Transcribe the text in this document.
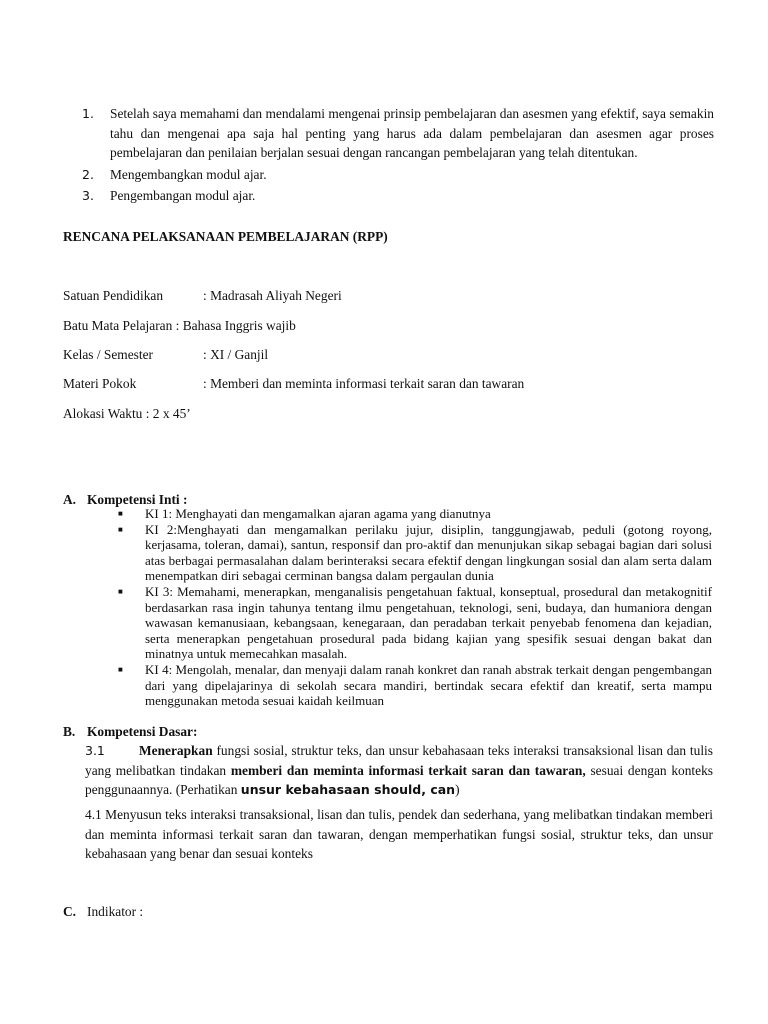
1.	Setelah saya memahami dan mendalami mengenai prinsip pembelajaran dan asesmen yang efektif, saya semakin tahu dan mengenai apa saja hal penting yang harus ada dalam pembelajaran dan asesmen agar proses pembelajaran dan penilaian berjalan sesuai dengan rancangan pembelajaran yang telah ditentukan.
2.	Mengembangkan modul ajar.
3.	Pengembangan modul ajar.
RENCANA PELAKSANAAN PEMBELAJARAN (RPP)
Satuan Pendidikan	: Madrasah Aliyah Negeri
Batu Mata Pelajaran : Bahasa Inggris wajib
Kelas / Semester	: XI / Ganjil
Materi Pokok	: Memberi dan meminta informasi terkait saran dan tawaran
Alokasi Waktu : 2 x 45’
A. Kompetensi Inti :
■	KI 1: Menghayati dan mengamalkan ajaran agama yang dianutnya
■	KI 2:Menghayati dan mengamalkan perilaku jujur, disiplin, tanggungjawab, peduli (gotong royong, kerjasama, toleran, damai), santun, responsif dan pro-aktif dan menunjukan sikap sebagai bagian dari solusi atas berbagai permasalahan dalam berinteraksi secara efektif dengan lingkungan sosial dan alam serta dalam menempatkan diri sebagai cerminan bangsa dalam pergaulan dunia
■	KI 3: Memahami, menerapkan, menganalisis pengetahuan faktual, konseptual, prosedural dan metakognitif berdasarkan rasa ingin tahunya tentang ilmu pengetahuan, teknologi, seni, budaya, dan humaniora dengan wawasan kemanusiaan, kebangsaan, kenegaraan, dan peradaban terkait penyebab fenomena dan kejadian, serta menerapkan pengetahuan prosedural pada bidang kajian yang spesifik sesuai dengan bakat dan minatnya untuk memecahkan masalah.
■	KI 4: Mengolah, menalar, dan menyaji dalam ranah konkret dan ranah abstrak terkait dengan pengembangan dari yang dipelajarinya di sekolah secara mandiri, bertindak secara efektif dan kreatif, serta mampu menggunakan metoda sesuai kaidah keilmuan
B. Kompetensi Dasar:
3.1	Menerapkan fungsi sosial, struktur teks, dan unsur kebahasaan teks interaksi transaksional lisan dan tulis yang melibatkan tindakan memberi dan meminta informasi terkait saran dan tawaran, sesuai dengan konteks penggunaannya. (Perhatikan unsur kebahasaan should, can)
4.1 Menyusun teks interaksi transaksional, lisan dan tulis, pendek dan sederhana, yang melibatkan tindakan memberi dan meminta informasi terkait saran dan tawaran, dengan memperhatikan fungsi sosial, struktur teks, dan unsur kebahasaan yang benar dan sesuai konteks
C. Indikator :
